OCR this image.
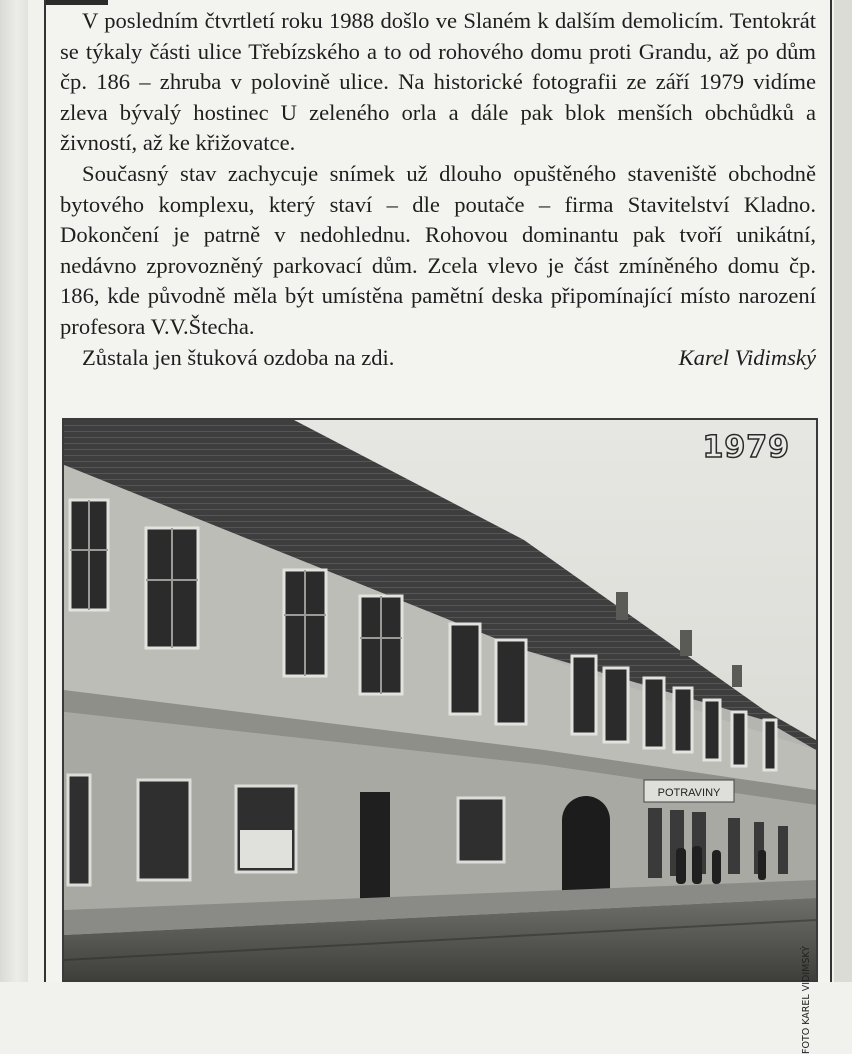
V posledním čtvrtletí roku 1988 došlo ve Slaném k dalším demolicím. Tentokrát se týkaly části ulice Třebízského a to od rohového domu proti Grandu, až po dům čp. 186 – zhruba v polovině ulice. Na historické fotografii ze září 1979 vidíme zleva bývalý hostinec U zeleného orla a dále pak blok menších obchůdků a živností, až ke křižovatce.

Současný stav zachycuje snímek už dlouho opuštěného staveniště obchodně bytového komplexu, který staví – dle poutače – firma Stavitelství Kladno. Dokončení je patrně v nedohlednu. Rohovou dominantu pak tvoří unikátní, nedávno zprovozněný parkovací dům. Zcela vlevo je část zmíněného domu čp. 186, kde původně měla být umístěna pamětní deska připomínající místo narození profesora V.V.Štecha.

Zůstala jen štuková ozdoba na zdi.	Karel Vidimský

POTRAVINY
1979
FOTO KAREL VIDIMSKÝ
